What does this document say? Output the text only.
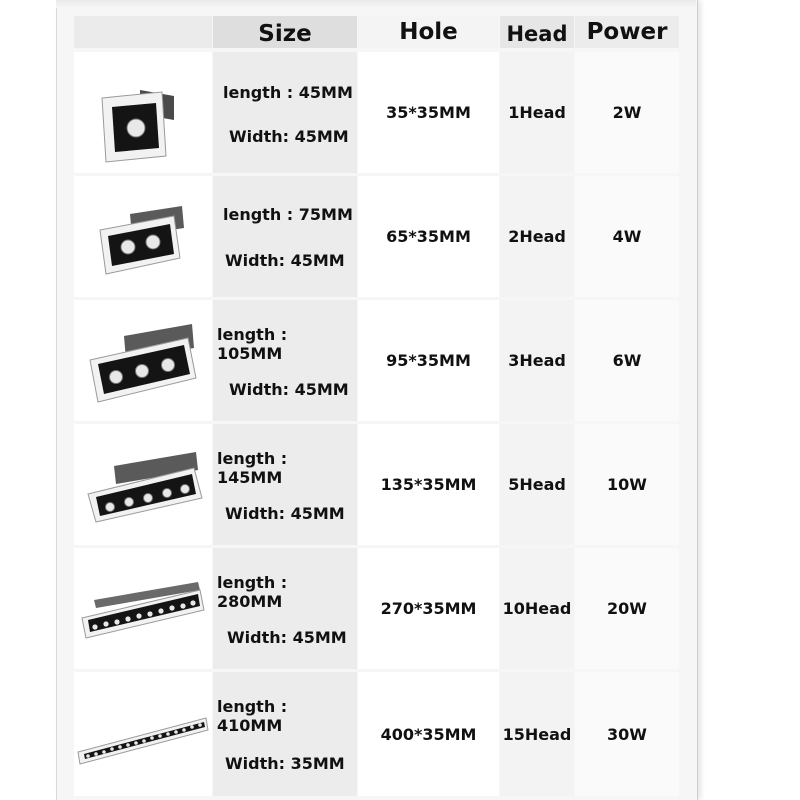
Size	Hole	Head Power
length : 45MM
Width: 45MM
35*35MM	1Head	2W
length : 75MM
Width: 45MM
65*35MM	2Head	4W
length : 105MM
Width: 45MM
95*35MM	3Head	6W
length : 145MM
Width: 45MM
135*35MM	5Head	10W
length : 280MM
Width: 45MM
270*35MM	10Head	20W
length : 410MM
Width: 35MM
400*35MM	15Head	30W
